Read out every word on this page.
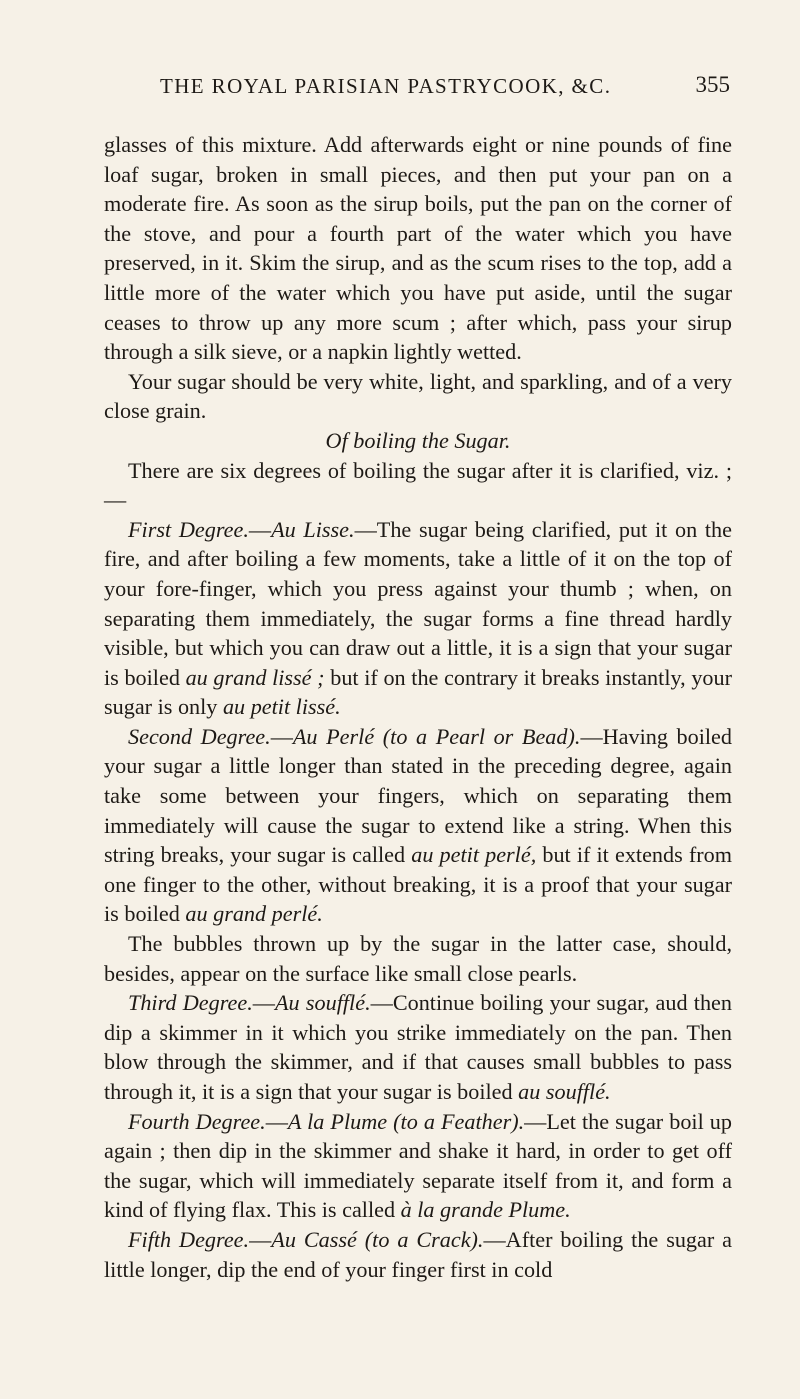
THE ROYAL PARISIAN PASTRYCOOK, &C.	355

glasses of this mixture. Add afterwards eight or nine pounds of fine loaf sugar, broken in small pieces, and then put your pan on a moderate fire. As soon as the sirup boils, put the pan on the corner of the stove, and pour a fourth part of the water which you have preserved, in it. Skim the sirup, and as the scum rises to the top, add a little more of the water which you have put aside, until the sugar ceases to throw up any more scum ; after which, pass your sirup through a silk sieve, or a napkin lightly wetted.

Your sugar should be very white, light, and sparkling, and of a very close grain.

Of boiling the Sugar.

There are six degrees of boiling the sugar after it is clarified, viz. ;—

First Degree.—Au Lisse.—The sugar being clarified, put it on the fire, and after boiling a few moments, take a little of it on the top of your fore-finger, which you press against your thumb ; when, on separating them immediately, the sugar forms a fine thread hardly visible, but which you can draw out a little, it is a sign that your sugar is boiled au grand lissé ; but if on the contrary it breaks instantly, your sugar is only au petit lissé.

Second Degree.—Au Perlé (to a Pearl or Bead).—Having boiled your sugar a little longer than stated in the preceding degree, again take some between your fingers, which on separating them immediately will cause the sugar to extend like a string. When this string breaks, your sugar is called au petit perlé, but if it extends from one finger to the other, without breaking, it is a proof that your sugar is boiled au grand perlé.

The bubbles thrown up by the sugar in the latter case, should, besides, appear on the surface like small close pearls.

Third Degree.—Au soufflé.—Continue boiling your sugar, aud then dip a skimmer in it which you strike immediately on the pan. Then blow through the skimmer, and if that causes small bubbles to pass through it, it is a sign that your sugar is boiled au soufflé.

Fourth Degree.—A la Plume (to a Feather).—Let the sugar boil up again ; then dip in the skimmer and shake it hard, in order to get off the sugar, which will immediately separate itself from it, and form a kind of flying flax. This is called à la grande Plume.

Fifth Degree.—Au Cassé (to a Crack).—After boiling the sugar a little longer, dip the end of your finger first in cold
